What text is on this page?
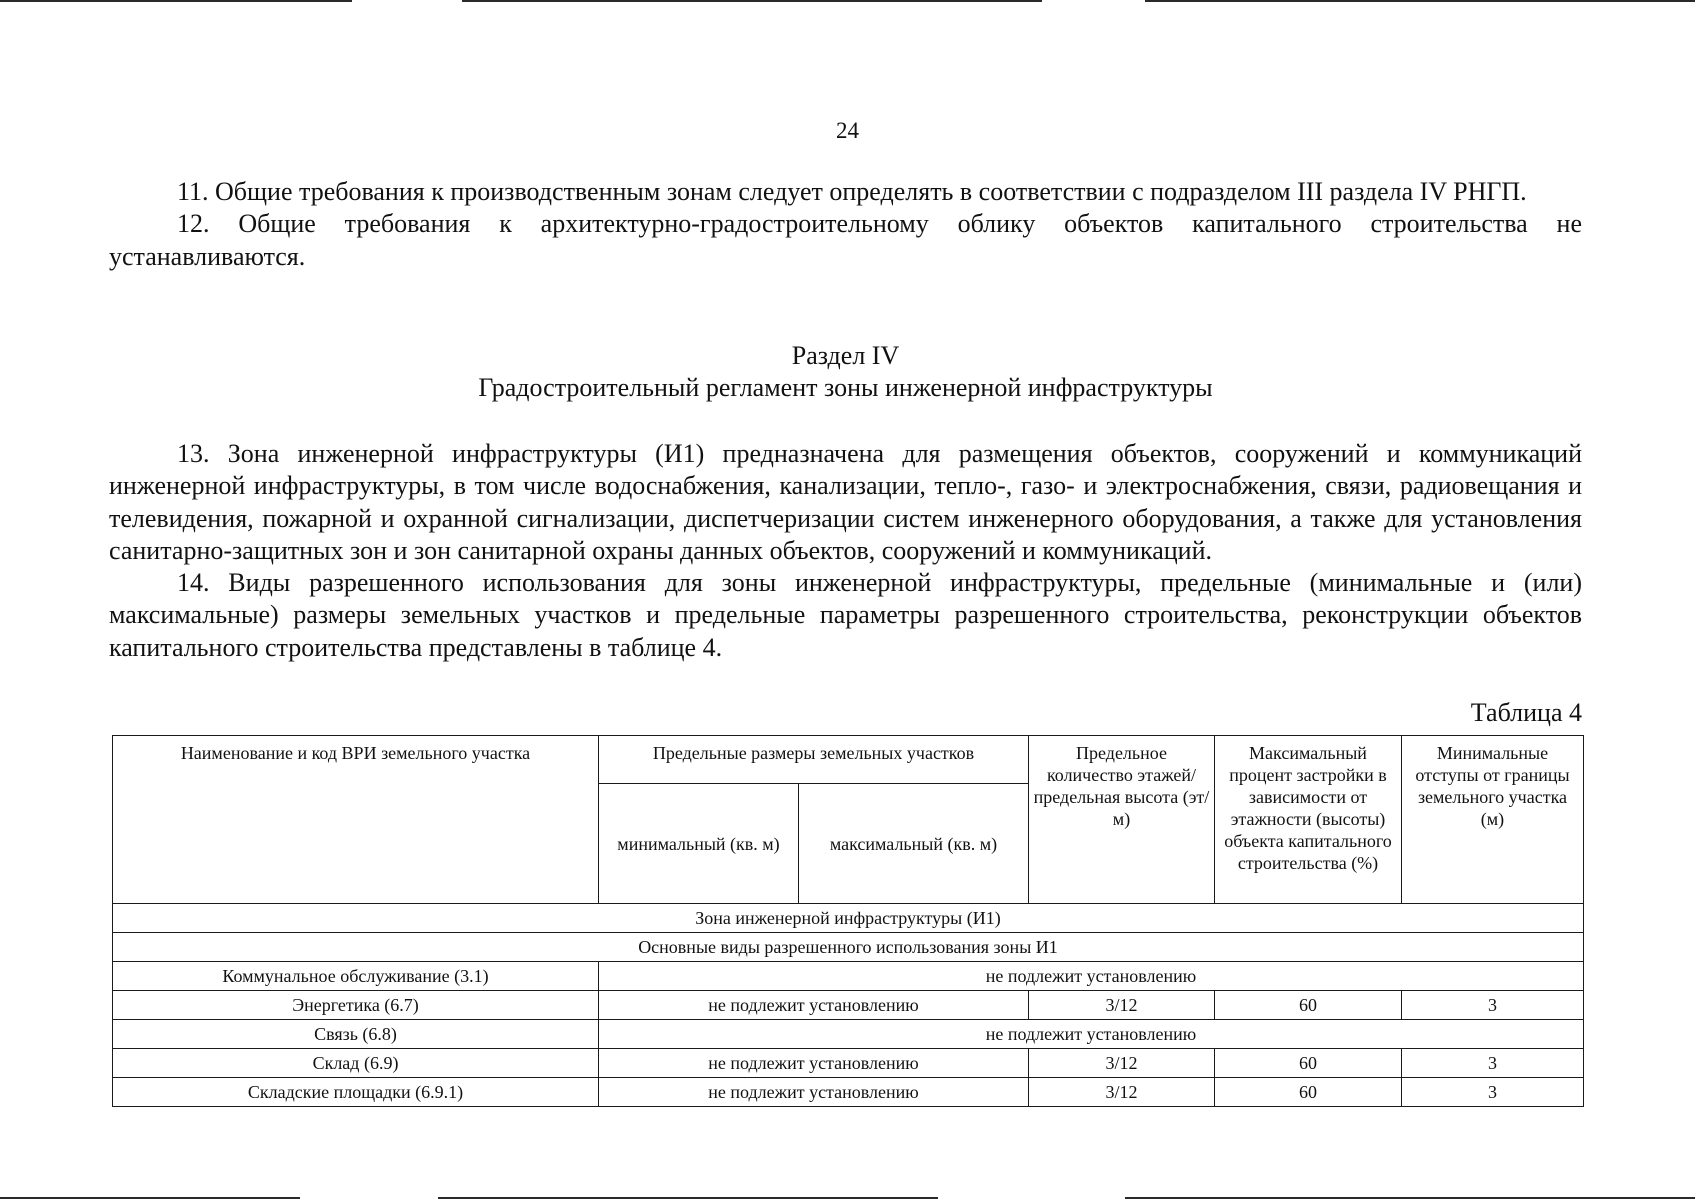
24

11. Общие требования к производственным зонам следует определять в соответствии с подразделом III раздела IV РНГП.

12. Общие требования к архитектурно-градостроительному облику объектов капитального строительства не устанавливаются.

Раздел IV
Градостроительный регламент зоны инженерной инфраструктуры

13. Зона инженерной инфраструктуры (И1) предназначена для размещения объектов, сооружений и коммуникаций инженерной инфраструктуры, в том числе водоснабжения, канализации, тепло-, газо- и электроснабжения, связи, радиовещания и телевидения, пожарной и охранной сигнализации, диспетчеризации систем инженерного оборудования, а также для установления санитарно-защитных зон и зон санитарной охраны данных объектов, сооружений и коммуникаций.

14. Виды разрешенного использования для зоны инженерной инфраструктуры, предельные (минимальные и (или) максимальные) размеры земельных участков и предельные параметры разрешенного строительства, реконструкции объектов капитального строительства представлены в таблице 4.

Таблица 4
Наименование и код ВРИ земельного участка	Предельные размеры земельных участков		Предельное количество этажей/ предельная высота (эт/м)	Максимальный процент застройки в зависимости от этажности (высоты) объекта капитального строительства (%)	Минимальные отступы от границы земельного участка (м)
	минимальный (кв. м)	максимальный (кв. м)			
Зона инженерной инфраструктуры (И1)					
Основные виды разрешенного использования зоны И1					
Коммунальное обслуживание (3.1)	не подлежит установлению				
Энергетика (6.7)	не подлежит установлению		3/12	60	3
Связь (6.8)	не подлежит установлению				
Склад (6.9)	не подлежит установлению		3/12	60	3
Складские площадки (6.9.1)	не подлежит установлению		3/12	60	3
